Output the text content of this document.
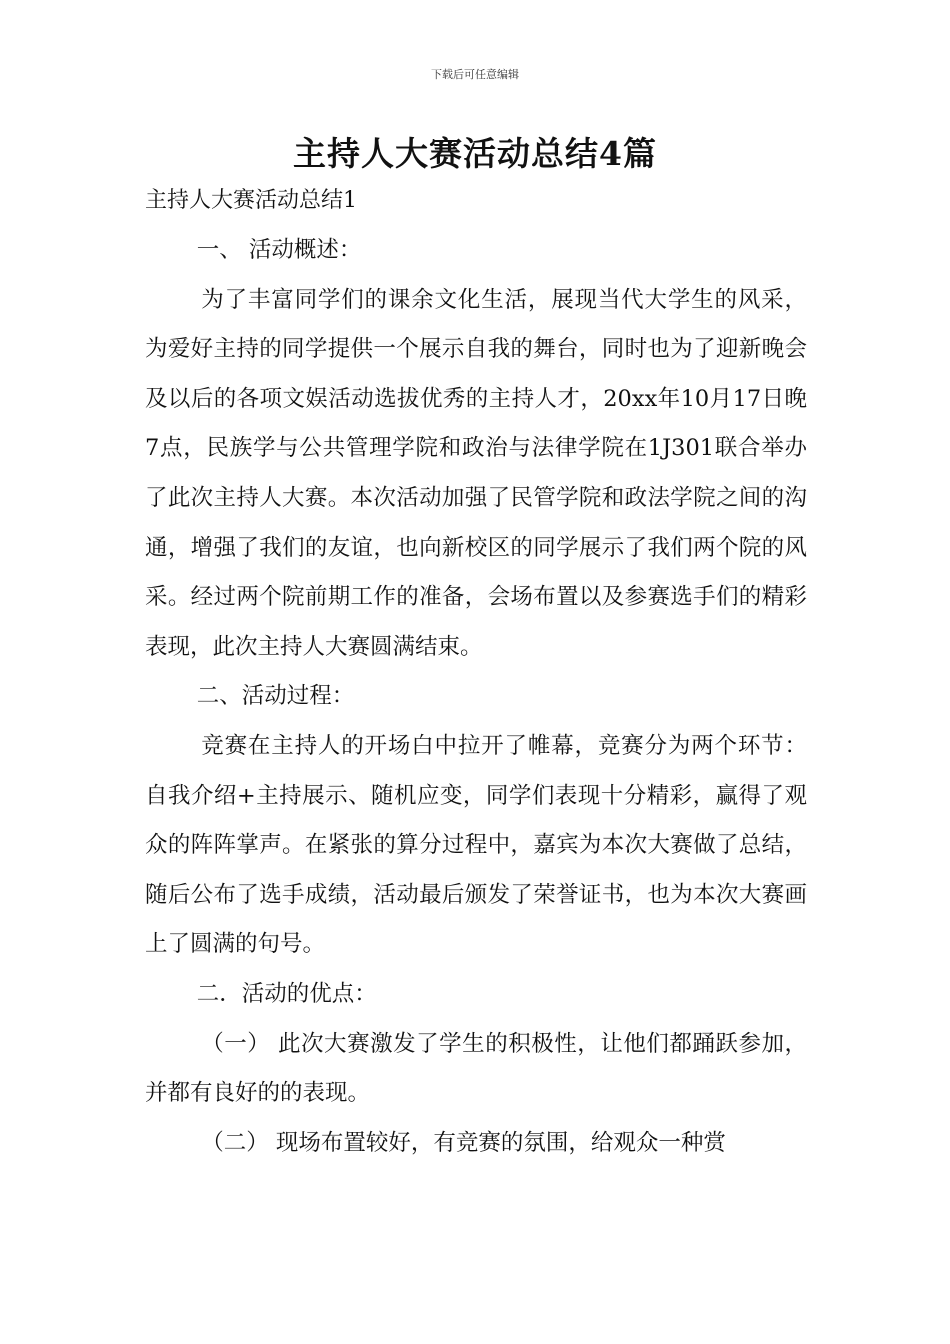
下载后可任意编辑
主持人大赛活动总结4篇
主持人大赛活动总结1

一、 活动概述：

为了丰富同学们的课余文化生活，展现当代大学生的风采，为爱好主持的同学提供一个展示自我的舞台，同时也为了迎新晚会及以后的各项文娱活动选拔优秀的主持人才，20xx年10月17日晚7点，民族学与公共管理学院和政治与法律学院在1J301联合举办了此次主持人大赛。本次活动加强了民管学院和政法学院之间的沟通，增强了我们的友谊，也向新校区的同学展示了我们两个院的风采。经过两个院前期工作的准备，会场布置以及参赛选手们的精彩表现，此次主持人大赛圆满结束。

二、活动过程：

竞赛在主持人的开场白中拉开了帷幕，竞赛分为两个环节：自我介绍+主持展示、随机应变，同学们表现十分精彩，赢得了观众的阵阵掌声。在紧张的算分过程中，嘉宾为本次大赛做了总结，随后公布了选手成绩，活动最后颁发了荣誉证书，也为本次大赛画上了圆满的句号。

二．活动的优点：

（一） 此次大赛激发了学生的积极性，让他们都踊跃参加，并都有良好的的表现。

（二） 现场布置较好，有竞赛的氛围，给观众一种赏
